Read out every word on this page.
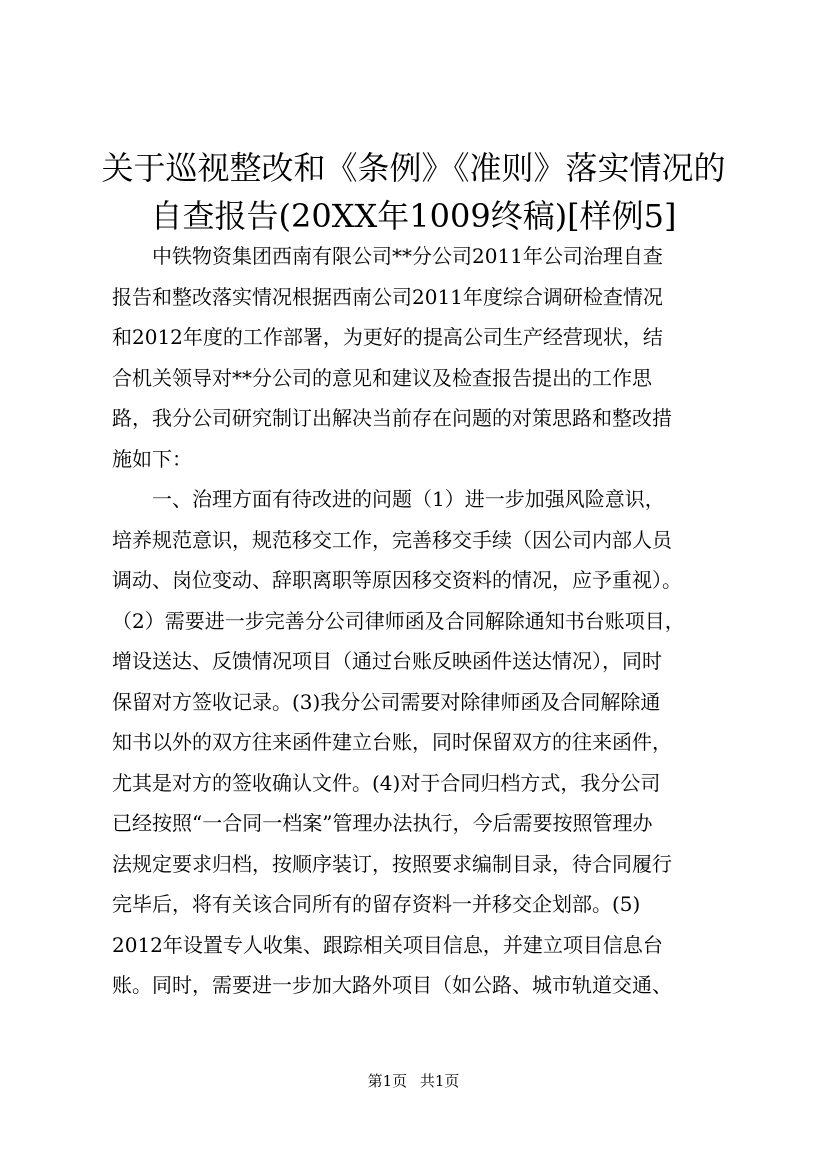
关于巡视整改和《条例》《准则》落实情况的
自查报告(20XX年1009终稿)[样例5]
中铁物资集团西南有限公司**分公司2011年公司治理自查
报告和整改落实情况根据西南公司2011年度综合调研检查情况
和2012年度的工作部署，为更好的提高公司生产经营现状，结
合机关领导对**分公司的意见和建议及检查报告提出的工作思
路，我分公司研究制订出解决当前存在问题的对策思路和整改措
施如下：
一、治理方面有待改进的问题（1）进一步加强风险意识，
培养规范意识，规范移交工作，完善移交手续（因公司内部人员
调动、岗位变动、辞职离职等原因移交资料的情况，应予重视）。
（2）需要进一步完善分公司律师函及合同解除通知书台账项目，
增设送达、反馈情况项目（通过台账反映函件送达情况），同时
保留对方签收记录。(3)我分公司需要对除律师函及合同解除通
知书以外的双方往来函件建立台账，同时保留双方的往来函件，
尤其是对方的签收确认文件。(4)对于合同归档方式，我分公司
已经按照“一合同一档案”管理办法执行，今后需要按照管理办
法规定要求归档，按顺序装订，按照要求编制目录，待合同履行
完毕后，将有关该合同所有的留存资料一并移交企划部。(5)
2012年设置专人收集、跟踪相关项目信息，并建立项目信息台
账。同时，需要进一步加大路外项目（如公路、城市轨道交通、
第1页 共1页
